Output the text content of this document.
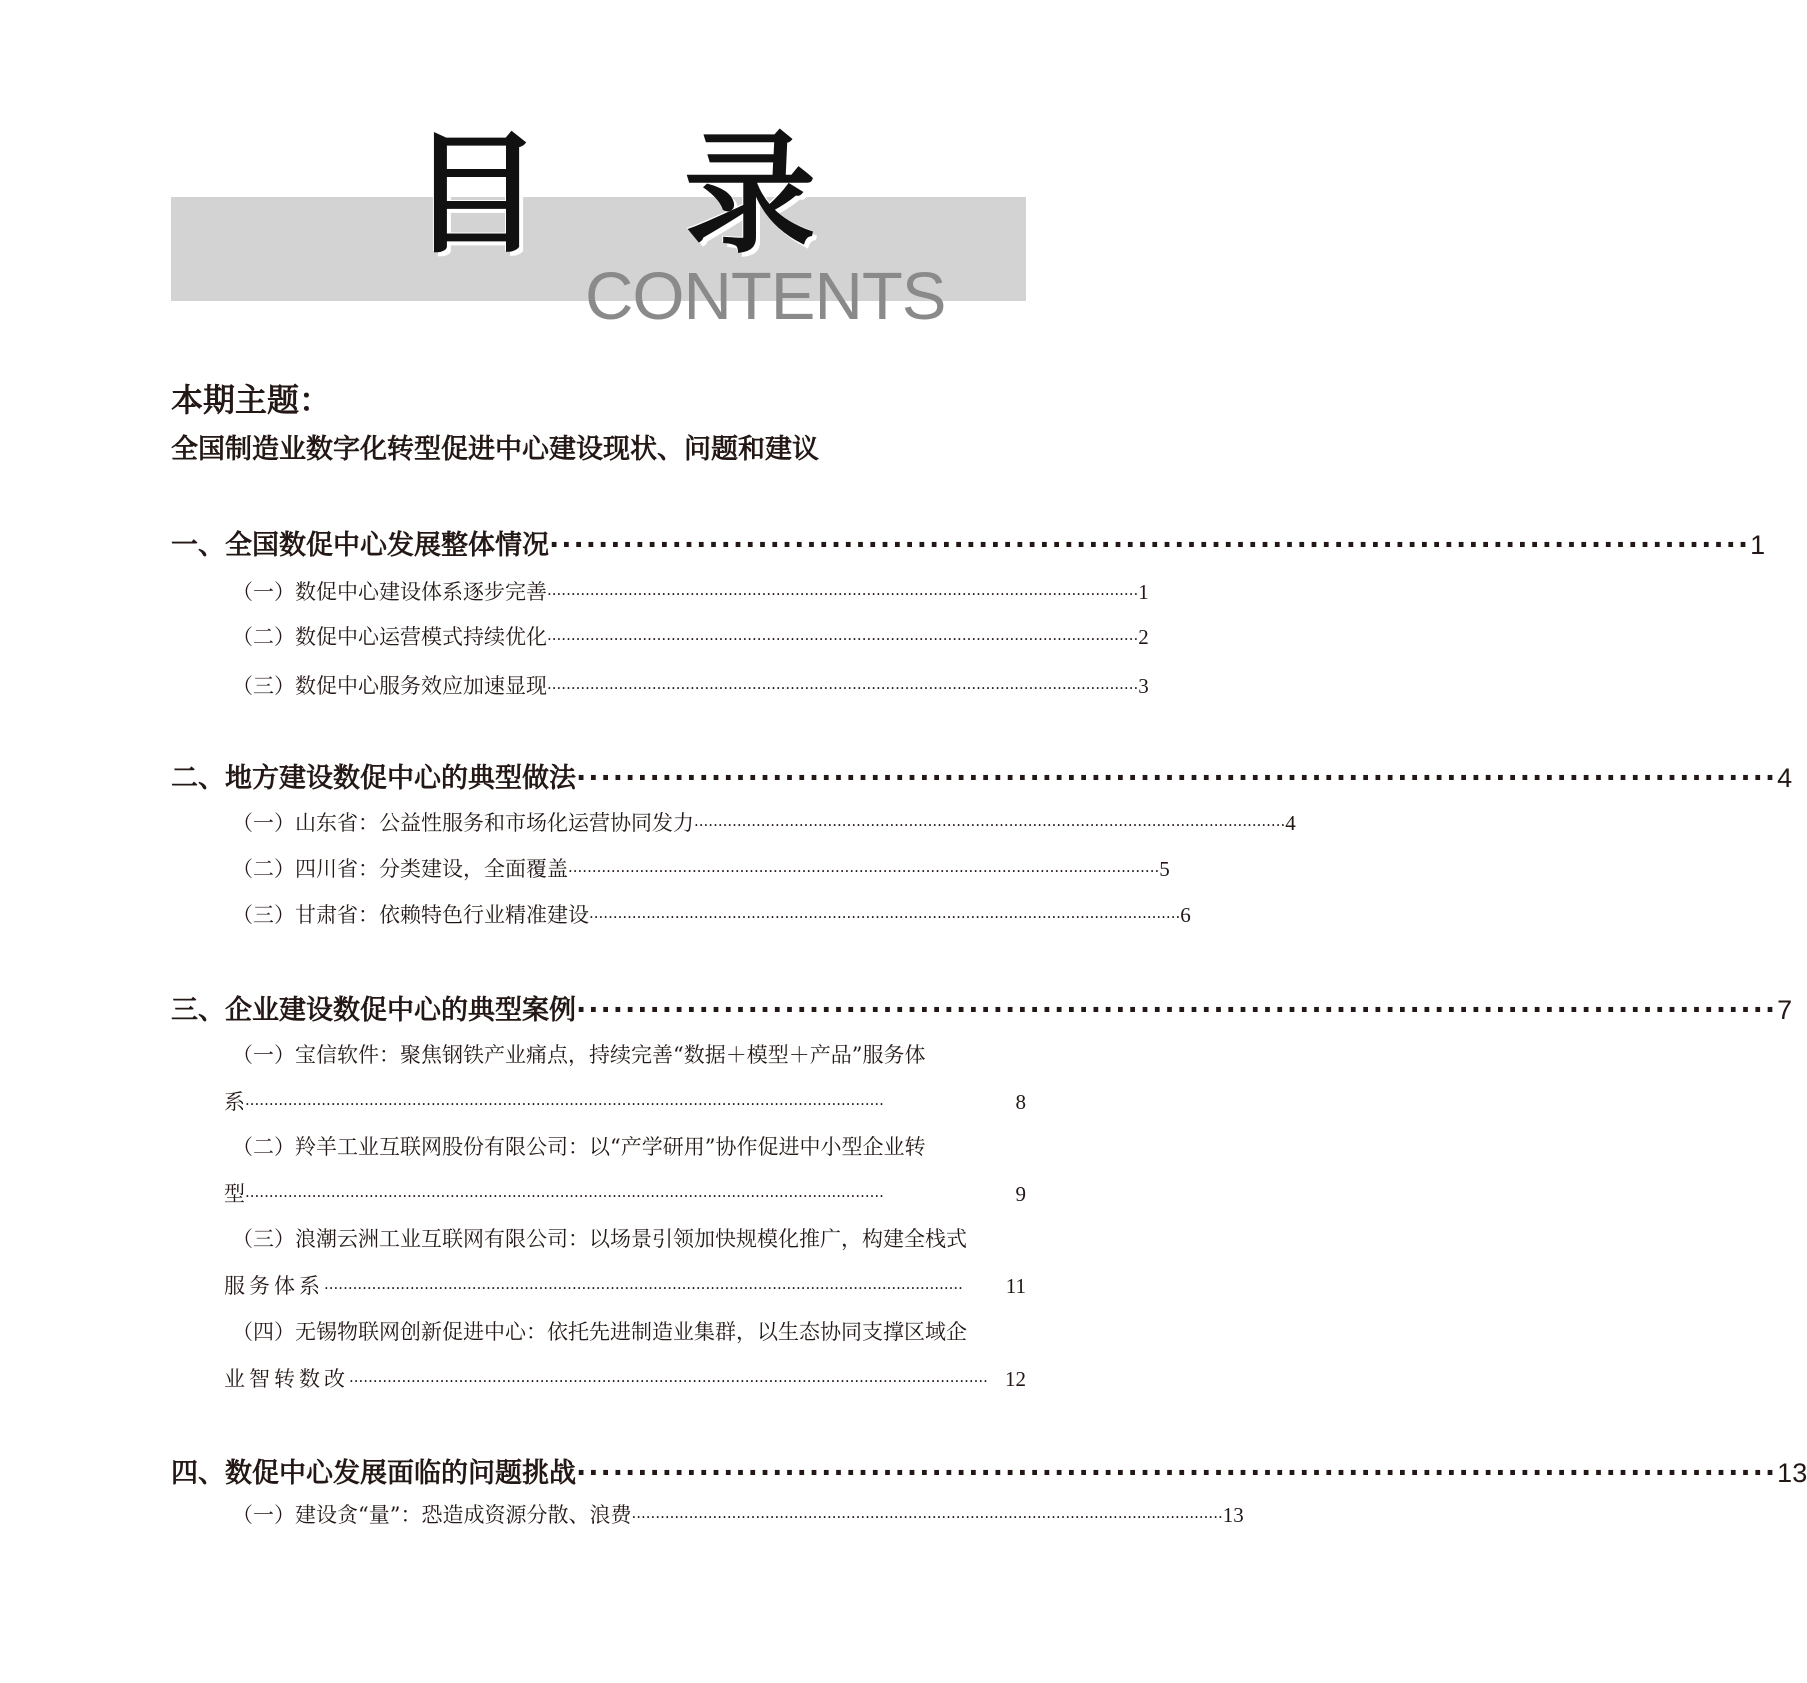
目 录
CONTENTS
本期主题：
全国制造业数字化转型促进中心建设现状、问题和建议
一、全国数促中心发展整体情况 ·································································································· 1
（一）数促中心建设体系逐步完善 ···························································································································· 1
（二）数促中心运营模式持续优化 ···························································································································· 2
（三）数促中心服务效应加速显现 ···························································································································· 3
二、地方建设数促中心的典型做法 ·································································································· 4
（一）山东省：公益性服务和市场化运营协同发力 ···························································································································· 4
（二）四川省：分类建设，全面覆盖 ···························································································································· 5
（三）甘肃省：依赖特色行业精准建设 ···························································································································· 6
三、企业建设数促中心的典型案例 ·································································································· 7
（一）宝信软件：聚焦钢铁产业痛点，持续完善“数据＋模型＋产品”服务体
系 ······································································································································	8
（二）羚羊工业互联网股份有限公司：以“产学研用”协作促进中小型企业转
型 ······································································································································	9
（三）浪潮云洲工业互联网有限公司：以场景引领加快规模化推广，构建全栈式
服务体系 ······································································································································	11
（四）无锡物联网创新促进中心：依托先进制造业集群，以生态协同支撑区域企
业智转数改 ······································································································································ 12
四、数促中心发展面临的问题挑战 ·································································································· 13
（一）建设贪“量”：恐造成资源分散、浪费 ···························································································································· 13
